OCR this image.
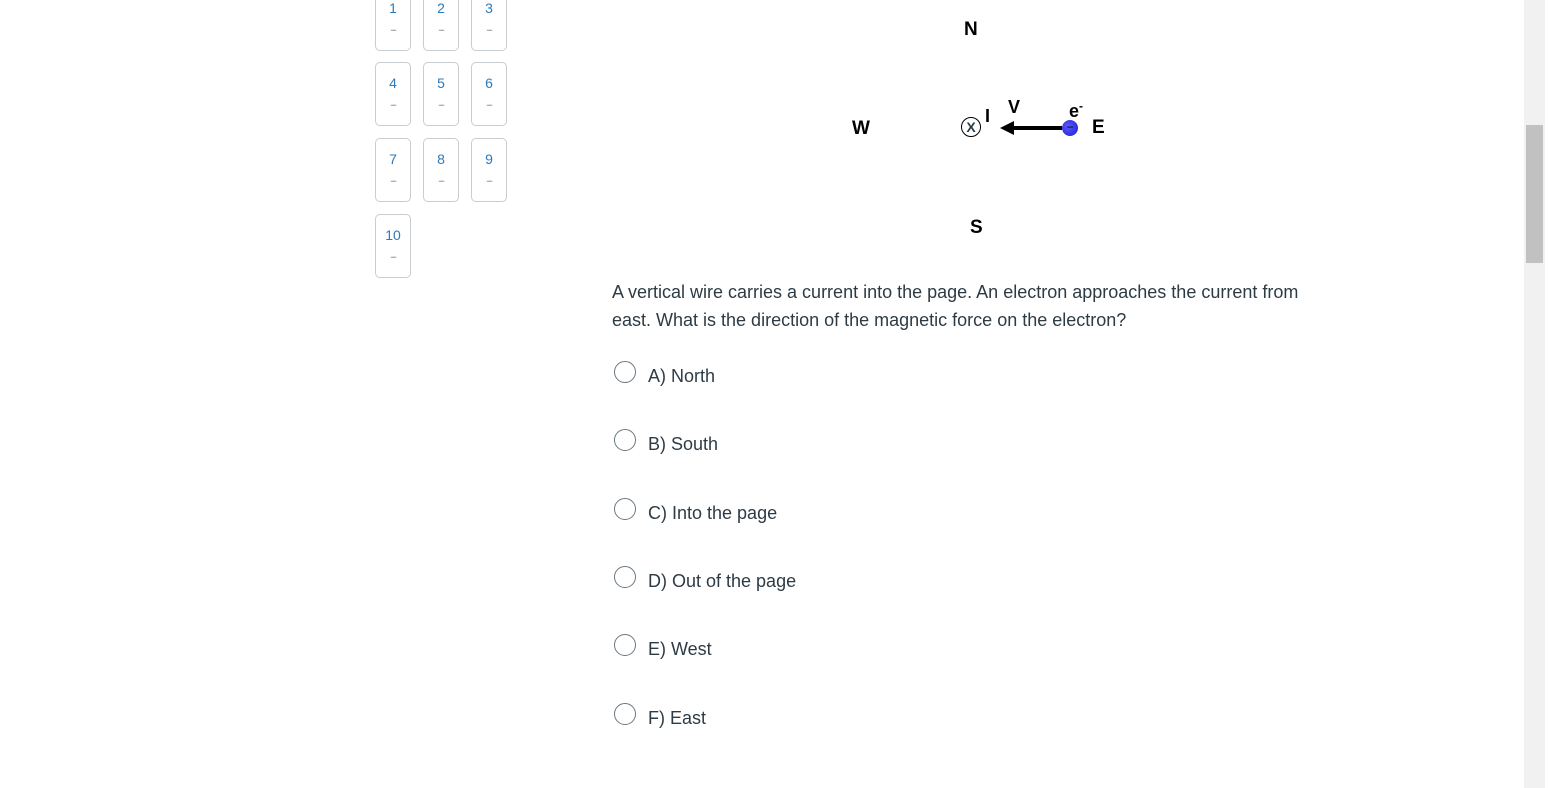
1
--
2
--
3
--
4
--
5
--
6
--
7
--
8
--
9
--
10
--
N
S
W	E
X
I V
−
e-
A vertical wire carries a current into the page. An electron approaches the current from east. What is the direction of the magnetic force on the electron?
A) North
B) South
C) Into the page
D) Out of the page
E) West
F) East
